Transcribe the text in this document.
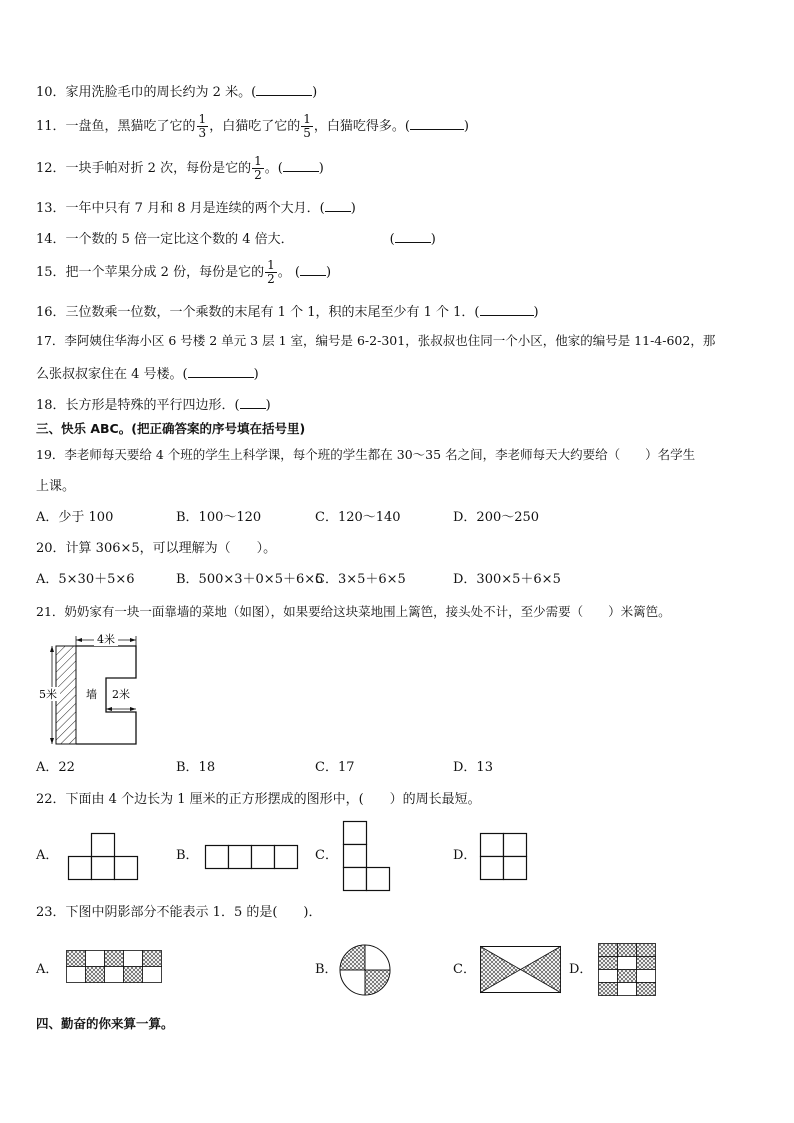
10．家用洗脸毛巾的周长约为 2 米。(	)
11．一盘鱼，黑猫吃了它的 $\frac{1}{3}$ ，白猫吃了它的 $\frac{1}{5}$ ，白猫吃得多。(	)
12．一块手帕对折 2 次，每份是它的 $\frac{1}{2}$ 。(	)
13．一年中只有 7 月和 8 月是连续的两个大月．( )
14．一个数的 5 倍一定比这个数的 4 倍大．	(	)
15．把一个苹果分成 2 份，每份是它的 $\frac{1}{2}$ 。 ( )
16．三位数乘一位数，一个乘数的末尾有 1 个 1，积的末尾至少有 1 个 1．(	)
17．李阿姨住华海小区 6 号楼 2 单元 3 层 1 室，编号是 6-2-301，张叔叔也住同一个小区，他家的编号是 11-4-602，那
么张叔叔家住在 4 号楼。(	)
18．长方形是特殊的平行四边形．( )
三、快乐 ABC。(把正确答案的序号填在括号里)
19．李老师每天要给 4 个班的学生上科学课，每个班的学生都在 30～35 名之间，李老师每天大约要给（　　）名学生
上课。
A．少于 100	B．100～120	C．120～140	D．200～250
20．计算 306×5，可以理解为（　　）。
A．5×30＋5×6	B．500×3＋0×5＋6×5
C．3×5＋6×5	D．300×5＋6×5
21．奶奶家有一块一面靠墙的菜地（如图），如果要给这块菜地围上篱笆，接头处不计，至少需要（　　）米篱笆。
4米
5米	墙 2米
A．22	B．18	C．17	D．13
22．下面由 4 个边长为 1 厘米的正方形摆成的图形中，(　　）的周长最短。
A．	B．	C．	D．
23．下图中阴影部分不能表示 1．5 的是(　　)．
A．	B．	C．	D．
四、勤奋的你来算一算。
